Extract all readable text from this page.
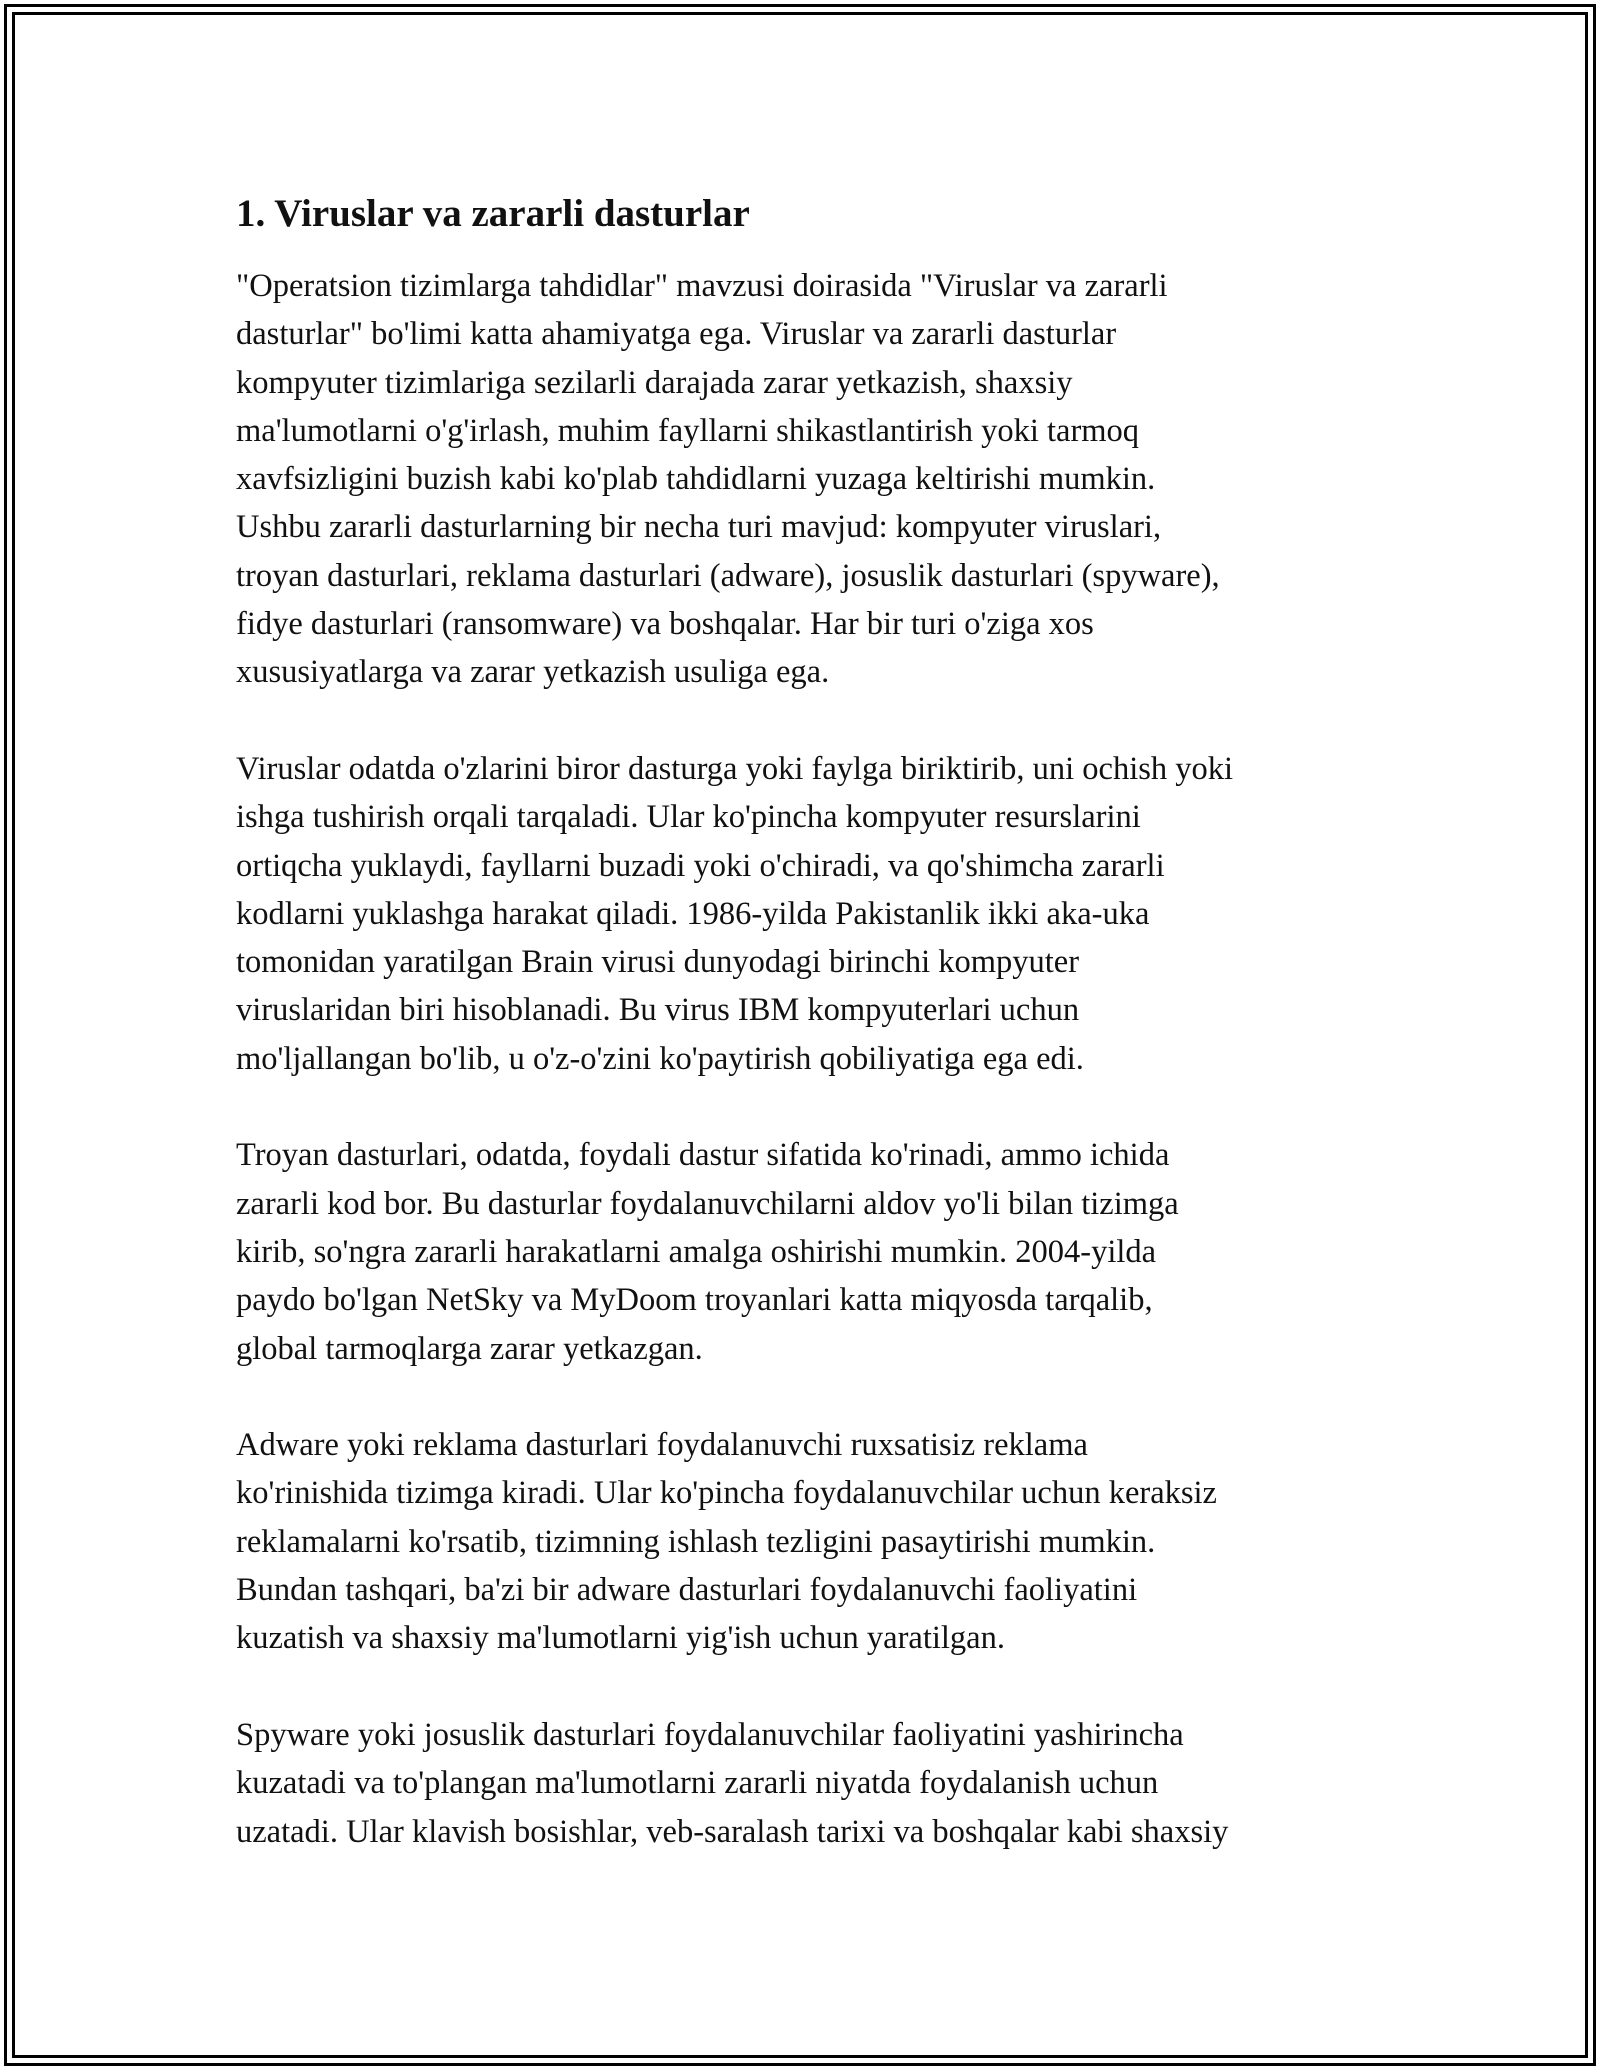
1. Viruslar va zararli dasturlar

"Operatsion tizimlarga tahdidlar" mavzusi doirasida "Viruslar va zararli
dasturlar" bo'limi katta ahamiyatga ega. Viruslar va zararli dasturlar
kompyuter tizimlariga sezilarli darajada zarar yetkazish, shaxsiy
ma'lumotlarni o'g'irlash, muhim fayllarni shikastlantirish yoki tarmoq
xavfsizligini buzish kabi ko'plab tahdidlarni yuzaga keltirishi mumkin.
Ushbu zararli dasturlarning bir necha turi mavjud: kompyuter viruslari,
troyan dasturlari, reklama dasturlari (adware), josuslik dasturlari (spyware),
fidye dasturlari (ransomware) va boshqalar. Har bir turi o'ziga xos
xususiyatlarga va zarar yetkazish usuliga ega.

Viruslar odatda o'zlarini biror dasturga yoki faylga biriktirib, uni ochish yoki
ishga tushirish orqali tarqaladi. Ular ko'pincha kompyuter resurslarini
ortiqcha yuklaydi, fayllarni buzadi yoki o'chiradi, va qo'shimcha zararli
kodlarni yuklashga harakat qiladi. 1986-yilda Pakistanlik ikki aka-uka
tomonidan yaratilgan Brain virusi dunyodagi birinchi kompyuter
viruslaridan biri hisoblanadi. Bu virus IBM kompyuterlari uchun
mo'ljallangan bo'lib, u o'z-o'zini ko'paytirish qobiliyatiga ega edi.

Troyan dasturlari, odatda, foydali dastur sifatida ko'rinadi, ammo ichida
zararli kod bor. Bu dasturlar foydalanuvchilarni aldov yo'li bilan tizimga
kirib, so'ngra zararli harakatlarni amalga oshirishi mumkin. 2004-yilda
paydo bo'lgan NetSky va MyDoom troyanlari katta miqyosda tarqalib,
global tarmoqlarga zarar yetkazgan.

Adware yoki reklama dasturlari foydalanuvchi ruxsatisiz reklama
ko'rinishida tizimga kiradi. Ular ko'pincha foydalanuvchilar uchun keraksiz
reklamalarni ko'rsatib, tizimning ishlash tezligini pasaytirishi mumkin.
Bundan tashqari, ba'zi bir adware dasturlari foydalanuvchi faoliyatini
kuzatish va shaxsiy ma'lumotlarni yig'ish uchun yaratilgan.

Spyware yoki josuslik dasturlari foydalanuvchilar faoliyatini yashirincha
kuzatadi va to'plangan ma'lumotlarni zararli niyatda foydalanish uchun
uzatadi. Ular klavish bosishlar, veb-saralash tarixi va boshqalar kabi shaxsiy
